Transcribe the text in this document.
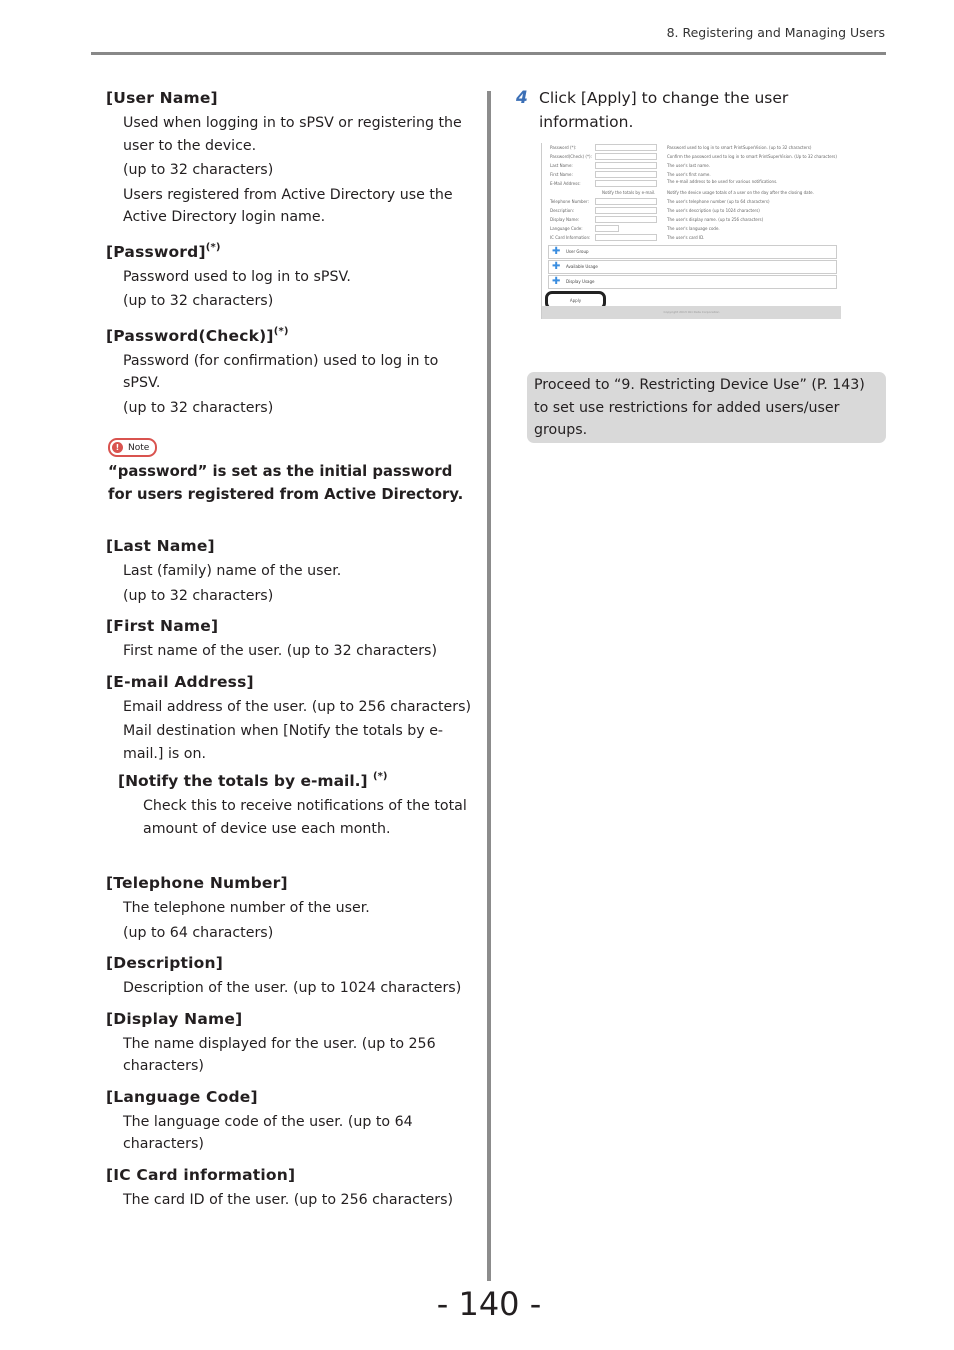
8. Registering and Managing Users
[User Name]
Used when logging in to sPSV or registering the user to the device.
(up to 32 characters)
Users registered from Active Directory use the Active Directory login name.
[Password](*)
Password used to log in to sPSV.
(up to 32 characters)
[Password(Check)](*)
Password (for confirmation) used to log in to sPSV.
(up to 32 characters)
! Note
“password” is set as the initial password for users registered from Active Directory.
[Last Name]
Last (family) name of the user.
(up to 32 characters)
[First Name]
First name of the user. (up to 32 characters)
[E-mail Address]
Email address of the user. (up to 256 characters)
Mail destination when [Notify the totals by e-mail.] is on.
[Notify the totals by e-mail.] (*)
Check this to receive notifications of the total amount of device use each month.
[Telephone Number]
The telephone number of the user.
(up to 64 characters)
[Description]
Description of the user. (up to 1024 characters)
[Display Name]
The name displayed for the user. (up to 256 characters)
[Language Code]
The language code of the user. (up to 64 characters)
[IC Card information]
The card ID of the user. (up to 256 characters)
4 Click [Apply] to change the user information.
Password (*):	Password used to log in to smart PrintSuperVision. (up to 32 characters)
Password(Check) (*):	Confirm the password used to log in to smart PrintSuperVision. (Up to 32 characters)
Last Name:	The user's last name.
First Name:	The user's first name.
E-Mail Address:	The e-mail address to be used for various notifications.
Notify the totals by e-mail.	Notify the device usage totals of a user on the day after the closing date.
Telephone Number:	The user's telephone number (up to 64 characters)
Description:	The user's description (up to 1024 characters)
Display Name:	The user's display name. (up to 256 characters)
Language Code:	The user's language code.
IC Card Information:	The user's card ID.
✚ User Group
✚ Available Usage
✚ Display Usage
Apply
Copyright 2013 Oki Data Corporation
Proceed to “9. Restricting Device Use” (P. 143) to set use restrictions for added users/user groups.
- 140 -
